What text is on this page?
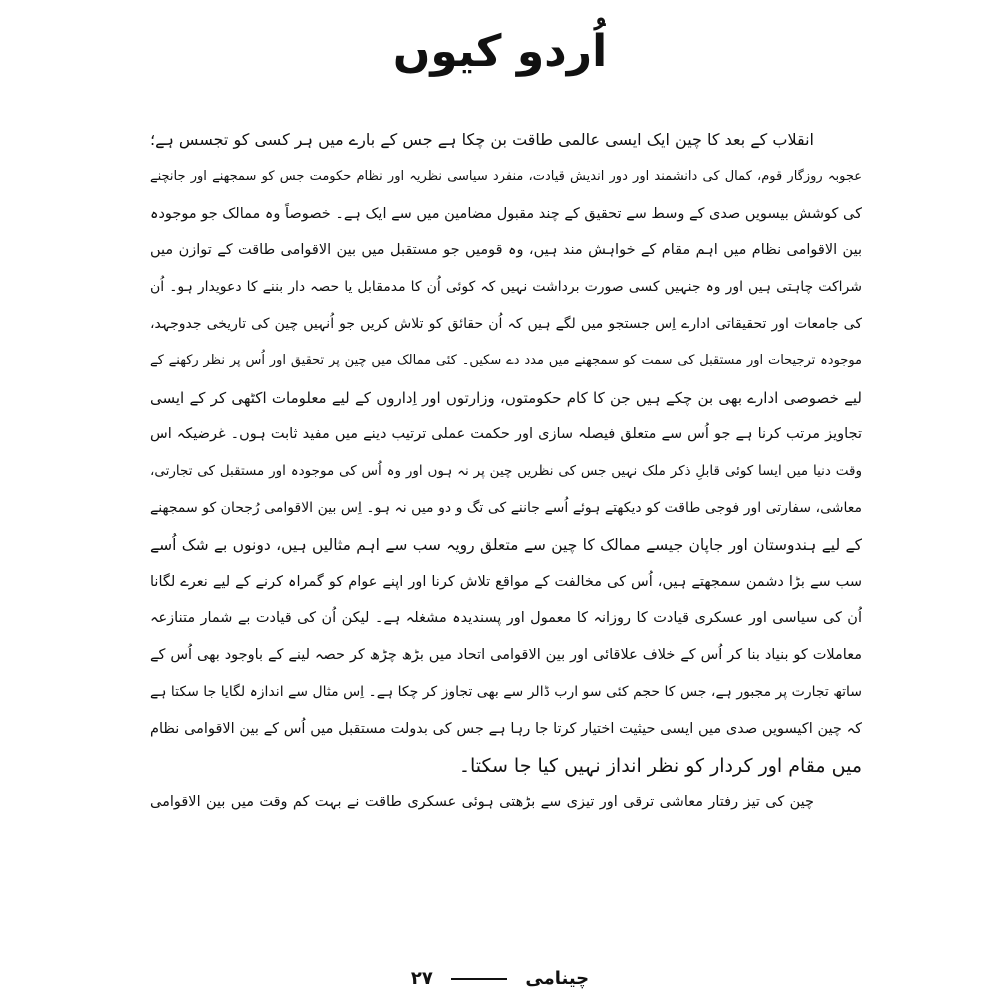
اُردو کیوں
انقلاب کے بعد کا چین ایک ایسی عالمی طاقت بن چکا ہے جس کے بارے میں ہر کسی کو تجسس ہے؛
عجوبہ روزگار قوم، کمال کی دانشمند اور دور اندیش قیادت، منفرد سیاسی نظریہ اور نظام حکومت جس کو سمجھنے اور جانچنے
کی کوشش بیسویں صدی کے وسط سے تحقیق کے چند مقبول مضامین میں سے ایک ہے۔ خصوصاً وہ ممالک جو موجودہ
بین الاقوامی نظام میں اہم مقام کے خواہش مند ہیں، وہ قومیں جو مستقبل میں بین الاقوامی طاقت کے توازن میں
شراکت چاہتی ہیں اور وہ جنہیں کسی صورت برداشت نہیں کہ کوئی اُن کا مدمقابل یا حصہ دار بننے کا دعویدار ہو۔ اُن
کی جامعات اور تحقیقاتی ادارے اِس جستجو میں لگے ہیں کہ اُن حقائق کو تلاش کریں جو اُنہیں چین کی تاریخی جدوجہد،
موجودہ ترجیحات اور مستقبل کی سمت کو سمجھنے میں مدد دے سکیں۔ کئی ممالک میں چین پر تحقیق اور اُس پر نظر رکھنے کے
لیے خصوصی ادارے بھی بن چکے ہیں جن کا کام حکومتوں، وزارتوں اور اِداروں کے لیے معلومات اکٹھی کر کے ایسی
تجاویز مرتب کرنا ہے جو اُس سے متعلق فیصلہ سازی اور حکمت عملی ترتیب دینے میں مفید ثابت ہوں۔ غرضیکہ اس
وقت دنیا میں ایسا کوئی قابلِ ذکر ملک نہیں جس کی نظریں چین پر نہ ہوں اور وہ اُس کی موجودہ اور مستقبل کی تجارتی،
معاشی، سفارتی اور فوجی طاقت کو دیکھتے ہوئے اُسے جاننے کی تگ و دو میں نہ ہو۔ اِس بین الاقوامی رُجحان کو سمجھنے
کے لیے ہندوستان اور جاپان جیسے ممالک کا چین سے متعلق رویہ سب سے اہم مثالیں ہیں، دونوں بے شک اُسے
سب سے بڑا دشمن سمجھتے ہیں، اُس کی مخالفت کے مواقع تلاش کرنا اور اپنے عوام کو گمراہ کرنے کے لیے نعرے لگانا
اُن کی سیاسی اور عسکری قیادت کا روزانہ کا معمول اور پسندیدہ مشغلہ ہے۔ لیکن اُن کی قیادت بے شمار متنازعہ
معاملات کو بنیاد بنا کر اُس کے خلاف علاقائی اور بین الاقوامی اتحاد میں بڑھ چڑھ کر حصہ لینے کے باوجود بھی اُس کے
ساتھ تجارت پر مجبور ہے، جس کا حجم کئی سو ارب ڈالر سے بھی تجاوز کر چکا ہے۔ اِس مثال سے اندازہ لگایا جا سکتا ہے
کہ چین اکیسویں صدی میں ایسی حیثیت اختیار کرتا جا رہا ہے جس کی بدولت مستقبل میں اُس کے بین الاقوامی نظام
میں مقام اور کردار کو نظر انداز نہیں کیا جا سکتا۔
چین کی تیز رفتار معاشی ترقی اور تیزی سے بڑھتی ہوئی عسکری طاقت نے بہت کم وقت میں بین الاقوامی
چینامی  ۲۷
